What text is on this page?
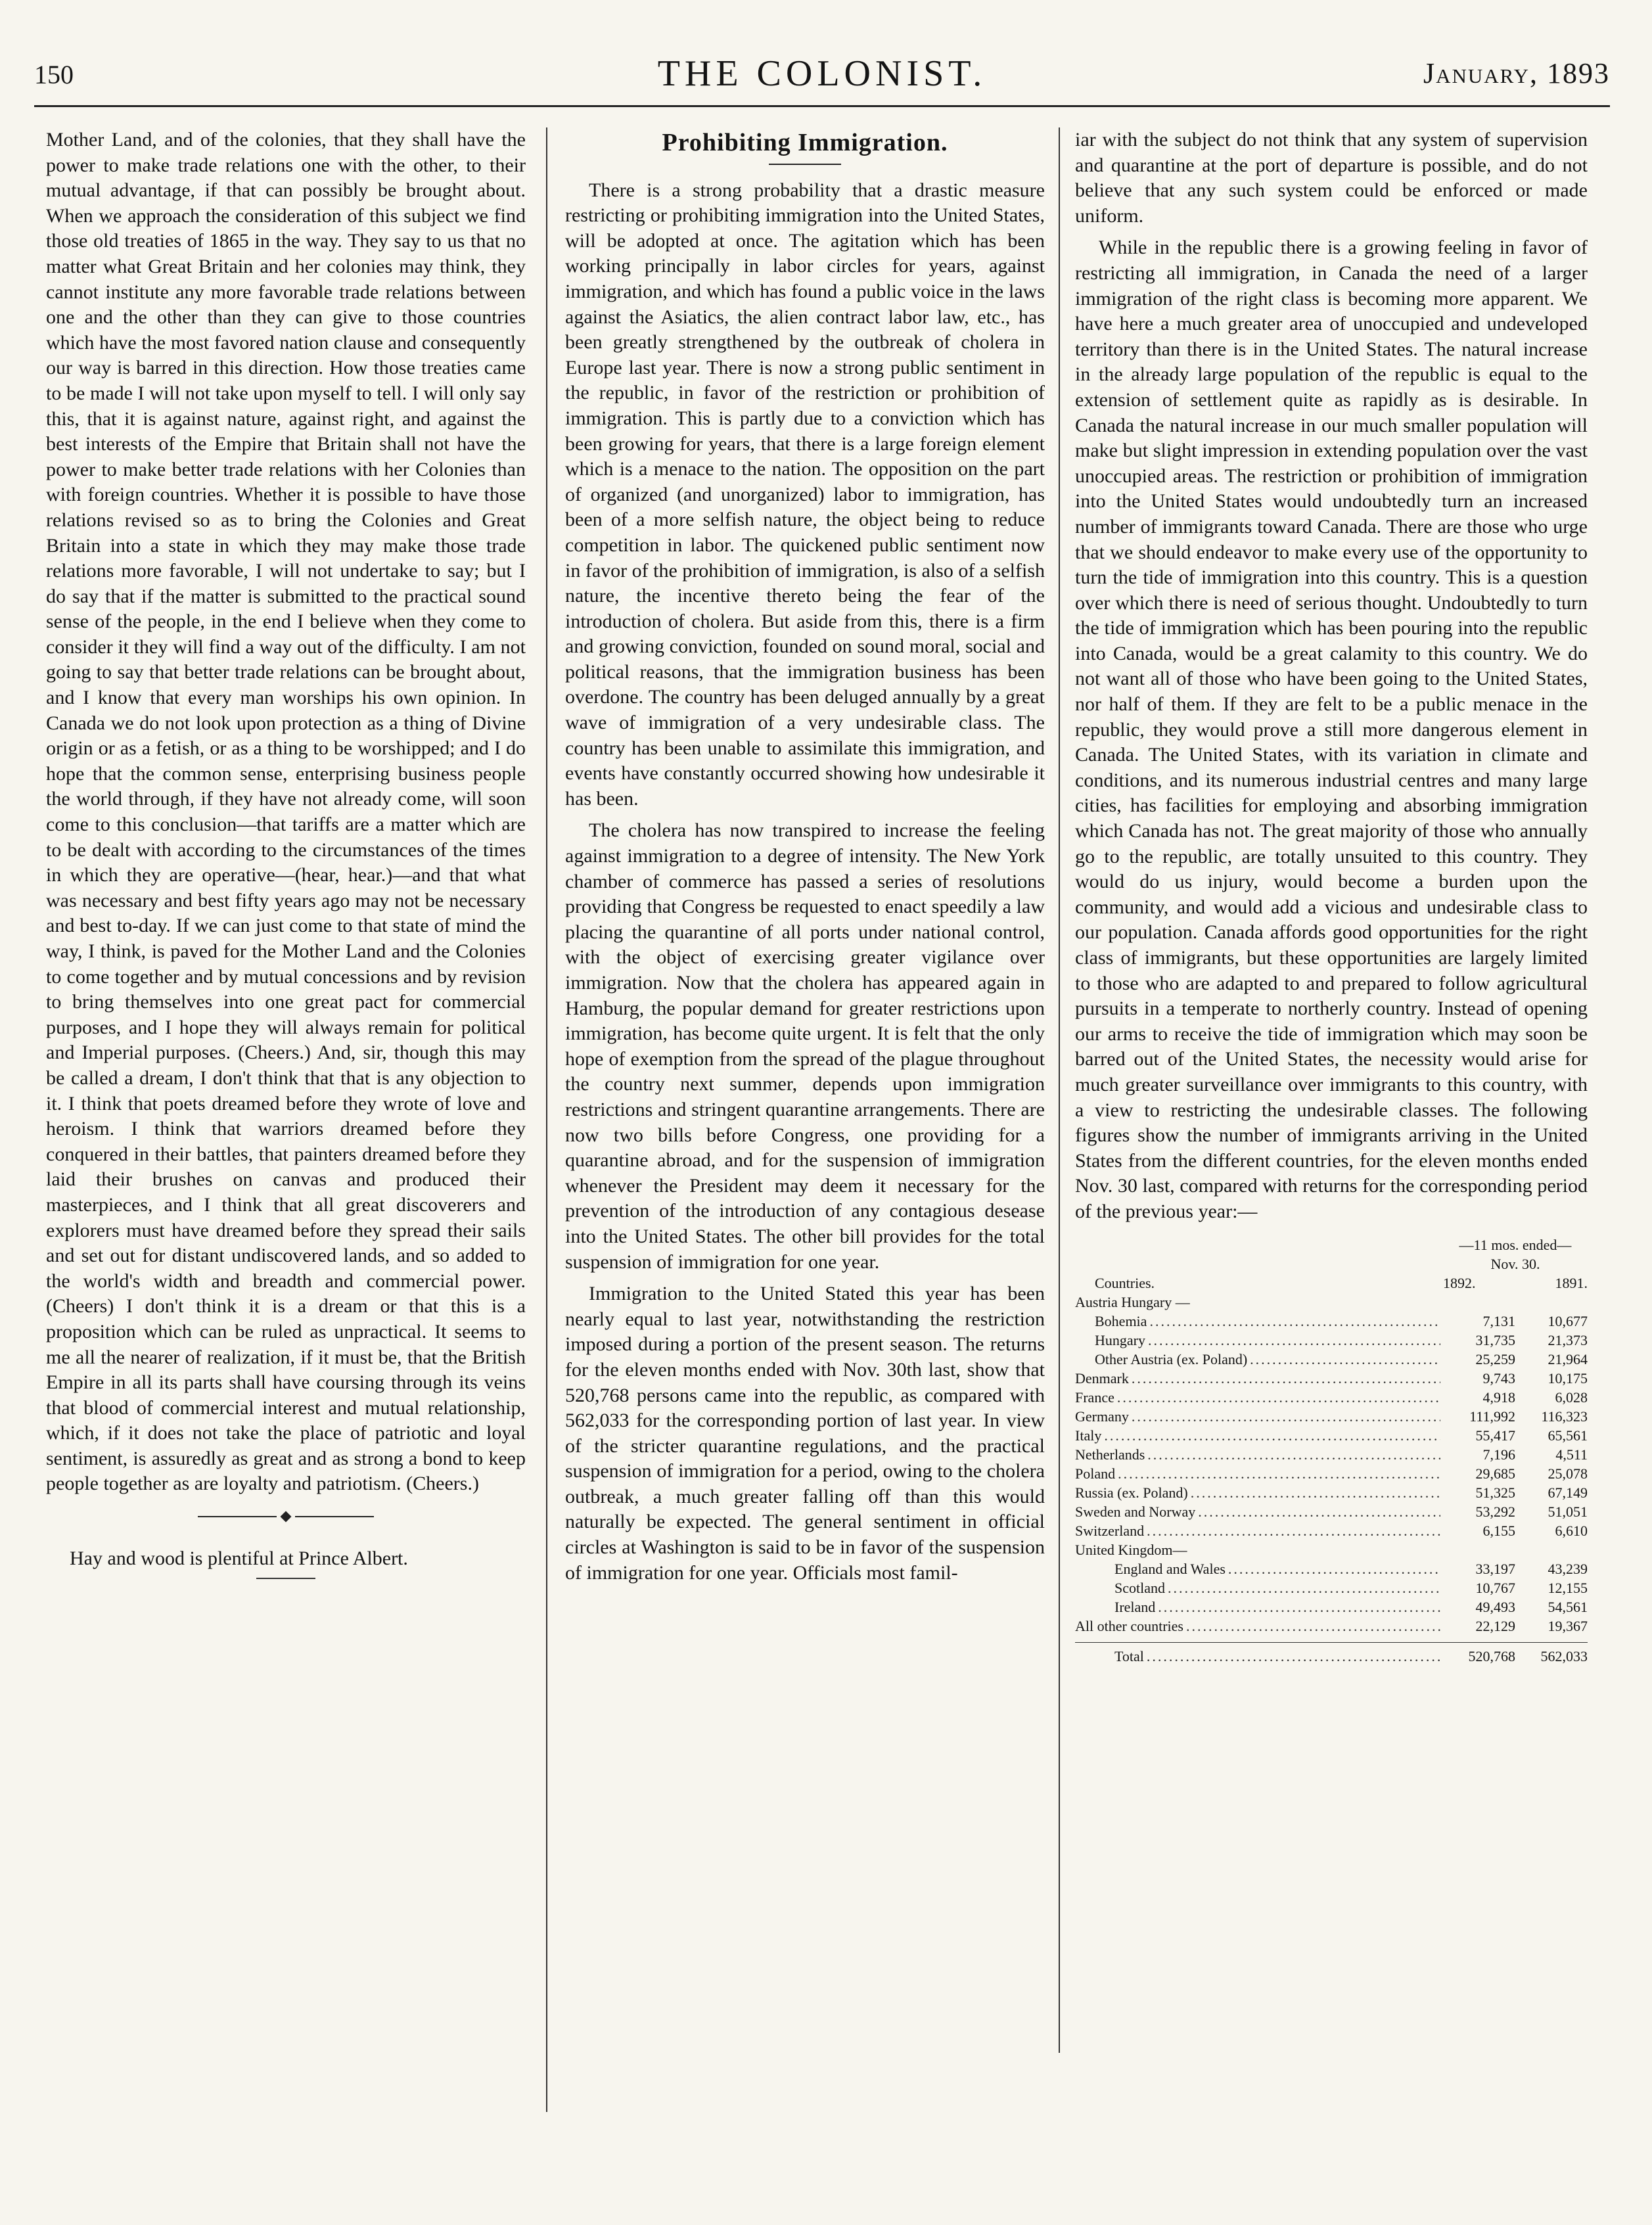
150	THE COLONIST.	January, 1893

Mother Land, and of the colonies, that they shall have the power to make trade relations one with the other, to their mutual advantage, if that can possibly be brought about. When we approach the consideration of this subject we find those old treaties of 1865 in the way. They say to us that no matter what Great Britain and her colonies may think, they cannot institute any more favorable trade relations between one and the other than they can give to those countries which have the most favored nation clause and consequently our way is barred in this direction. How those treaties came to be made I will not take upon myself to tell. I will only say this, that it is against nature, against right, and against the best interests of the Empire that Britain shall not have the power to make better trade relations with her Colonies than with foreign countries. Whether it is possible to have those relations revised so as to bring the Colonies and Great Britain into a state in which they may make those trade relations more favorable, I will not undertake to say; but I do say that if the matter is submitted to the practical sound sense of the people, in the end I believe when they come to consider it they will find a way out of the difficulty. I am not going to say that better trade relations can be brought about, and I know that every man worships his own opinion. In Canada we do not look upon protection as a thing of Divine origin or as a fetish, or as a thing to be worshipped; and I do hope that the common sense, enterprising business people the world through, if they have not already come, will soon come to this conclusion—that tariffs are a matter which are to be dealt with according to the circumstances of the times in which they are operative—(hear, hear.)—and that what was necessary and best fifty years ago may not be necessary and best to-day. If we can just come to that state of mind the way, I think, is paved for the Mother Land and the Colonies to come together and by mutual concessions and by revision to bring themselves into one great pact for commercial purposes, and I hope they will always remain for political and Imperial purposes. (Cheers.) And, sir, though this may be called a dream, I don't think that that is any objection to it. I think that poets dreamed before they wrote of love and heroism. I think that warriors dreamed before they conquered in their battles, that painters dreamed before they laid their brushes on canvas and produced their masterpieces, and I think that all great discoverers and explorers must have dreamed before they spread their sails and set out for distant undiscovered lands, and so added to the world's width and breadth and commercial power. (Cheers) I don't think it is a dream or that this is a proposition which can be ruled as unpractical. It seems to me all the nearer of realization, if it must be, that the British Empire in all its parts shall have coursing through its veins that blood of commercial interest and mutual relationship, which, if it does not take the place of patriotic and loyal sentiment, is assuredly as great and as strong a bond to keep people together as are loyalty and patriotism. (Cheers.)

Hay and wood is plentiful at Prince Albert.

Prohibiting Immigration.

There is a strong probability that a drastic measure restricting or prohibiting immigration into the United States, will be adopted at once. The agitation which has been working principally in labor circles for years, against immigration, and which has found a public voice in the laws against the Asiatics, the alien contract labor law, etc., has been greatly strengthened by the outbreak of cholera in Europe last year. There is now a strong public sentiment in the republic, in favor of the restriction or prohibition of immigration. This is partly due to a conviction which has been growing for years, that there is a large foreign element which is a menace to the nation. The opposition on the part of organized (and unorganized) labor to immigration, has been of a more selfish nature, the object being to reduce competition in labor. The quickened public sentiment now in favor of the prohibition of immigration, is also of a selfish nature, the incentive thereto being the fear of the introduction of cholera. But aside from this, there is a firm and growing conviction, founded on sound moral, social and political reasons, that the immigration business has been overdone. The country has been deluged annually by a great wave of immigration of a very undesirable class. The country has been unable to assimilate this immigration, and events have constantly occurred showing how undesirable it has been.

The cholera has now transpired to increase the feeling against immigration to a degree of intensity. The New York chamber of commerce has passed a series of resolutions providing that Congress be requested to enact speedily a law placing the quarantine of all ports under national control, with the object of exercising greater vigilance over immigration. Now that the cholera has appeared again in Hamburg, the popular demand for greater restrictions upon immigration, has become quite urgent. It is felt that the only hope of exemption from the spread of the plague throughout the country next summer, depends upon immigration restrictions and stringent quarantine arrangements. There are now two bills before Congress, one providing for a quarantine abroad, and for the suspension of immigration whenever the President may deem it necessary for the prevention of the introduction of any contagious desease into the United States. The other bill provides for the total suspension of immigration for one year.

Immigration to the United Stated this year has been nearly equal to last year, notwithstanding the restriction imposed during a portion of the present season. The returns for the eleven months ended with Nov. 30th last, show that 520,768 persons came into the republic, as compared with 562,033 for the corresponding portion of last year. In view of the stricter quarantine regulations, and the practical suspension of immigration for a period, owing to the cholera outbreak, a much greater falling off than this would naturally be expected. The general sentiment in official circles at Washington is said to be in favor of the suspension of immigration for one year. Officials most famil-

iar with the subject do not think that any system of supervision and quarantine at the port of departure is possible, and do not believe that any such system could be enforced or made uniform.

While in the republic there is a growing feeling in favor of restricting all immigration, in Canada the need of a larger immigration of the right class is becoming more apparent. We have here a much greater area of unoccupied and undeveloped territory than there is in the United States. The natural increase in the already large population of the republic is equal to the extension of settlement quite as rapidly as is desirable. In Canada the natural increase in our much smaller population will make but slight impression in extending population over the vast unoccupied areas. The restriction or prohibition of immigration into the United States would undoubtedly turn an increased number of immigrants toward Canada. There are those who urge that we should endeavor to make every use of the opportunity to turn the tide of immigration into this country. This is a question over which there is need of serious thought. Undoubtedly to turn the tide of immigration which has been pouring into the republic into Canada, would be a great calamity to this country. We do not want all of those who have been going to the United States, nor half of them. If they are felt to be a public menace in the republic, they would prove a still more dangerous element in Canada. The United States, with its variation in climate and conditions, and its numerous industrial centres and many large cities, has facilities for employing and absorbing immigration which Canada has not. The great majority of those who annually go to the republic, are totally unsuited to this country. They would do us injury, would become a burden upon the community, and would add a vicious and undesirable class to our population. Canada affords good opportunities for the right class of immigrants, but these opportunities are largely limited to those who are adapted to and prepared to follow agricultural pursuits in a temperate to northerly country. Instead of opening our arms to receive the tide of immigration which may soon be barred out of the United States, the necessity would arise for much greater surveillance over immigrants to this country, with a view to restricting the undesirable classes. The following figures show the number of immigrants arriving in the United States from the different countries, for the eleven months ended Nov. 30 last, compared with returns for the corresponding period of the previous year:—

—11 mos. ended—
Nov. 30.
Countries.	1892.	1891.
Austria Hungary —
Bohemia .....	7,131	10,677
Hungary .....	31,735	21,373
Other Austria (ex. Poland) .....	25,259	21,964
Denmark .....	9,743	10,175
France .....	4,918	6,028
Germany .....	111,992	116,323
Italy .....	55,417	65,561
Netherlands .....	7,196	4,511
Poland .....	29,685	25,078
Russia (ex. Poland) .....	51,325	67,149
Sweden and Norway .....	53,292	51,051
Switzerland .....	6,155	6,610
United Kingdom—
England and Wales .....	33,197	43,239
Scotland .....	10,767	12,155
Ireland .....	49,493	54,561
All other countries .....	22,129	19,367
Total .....	520,768	562,033
